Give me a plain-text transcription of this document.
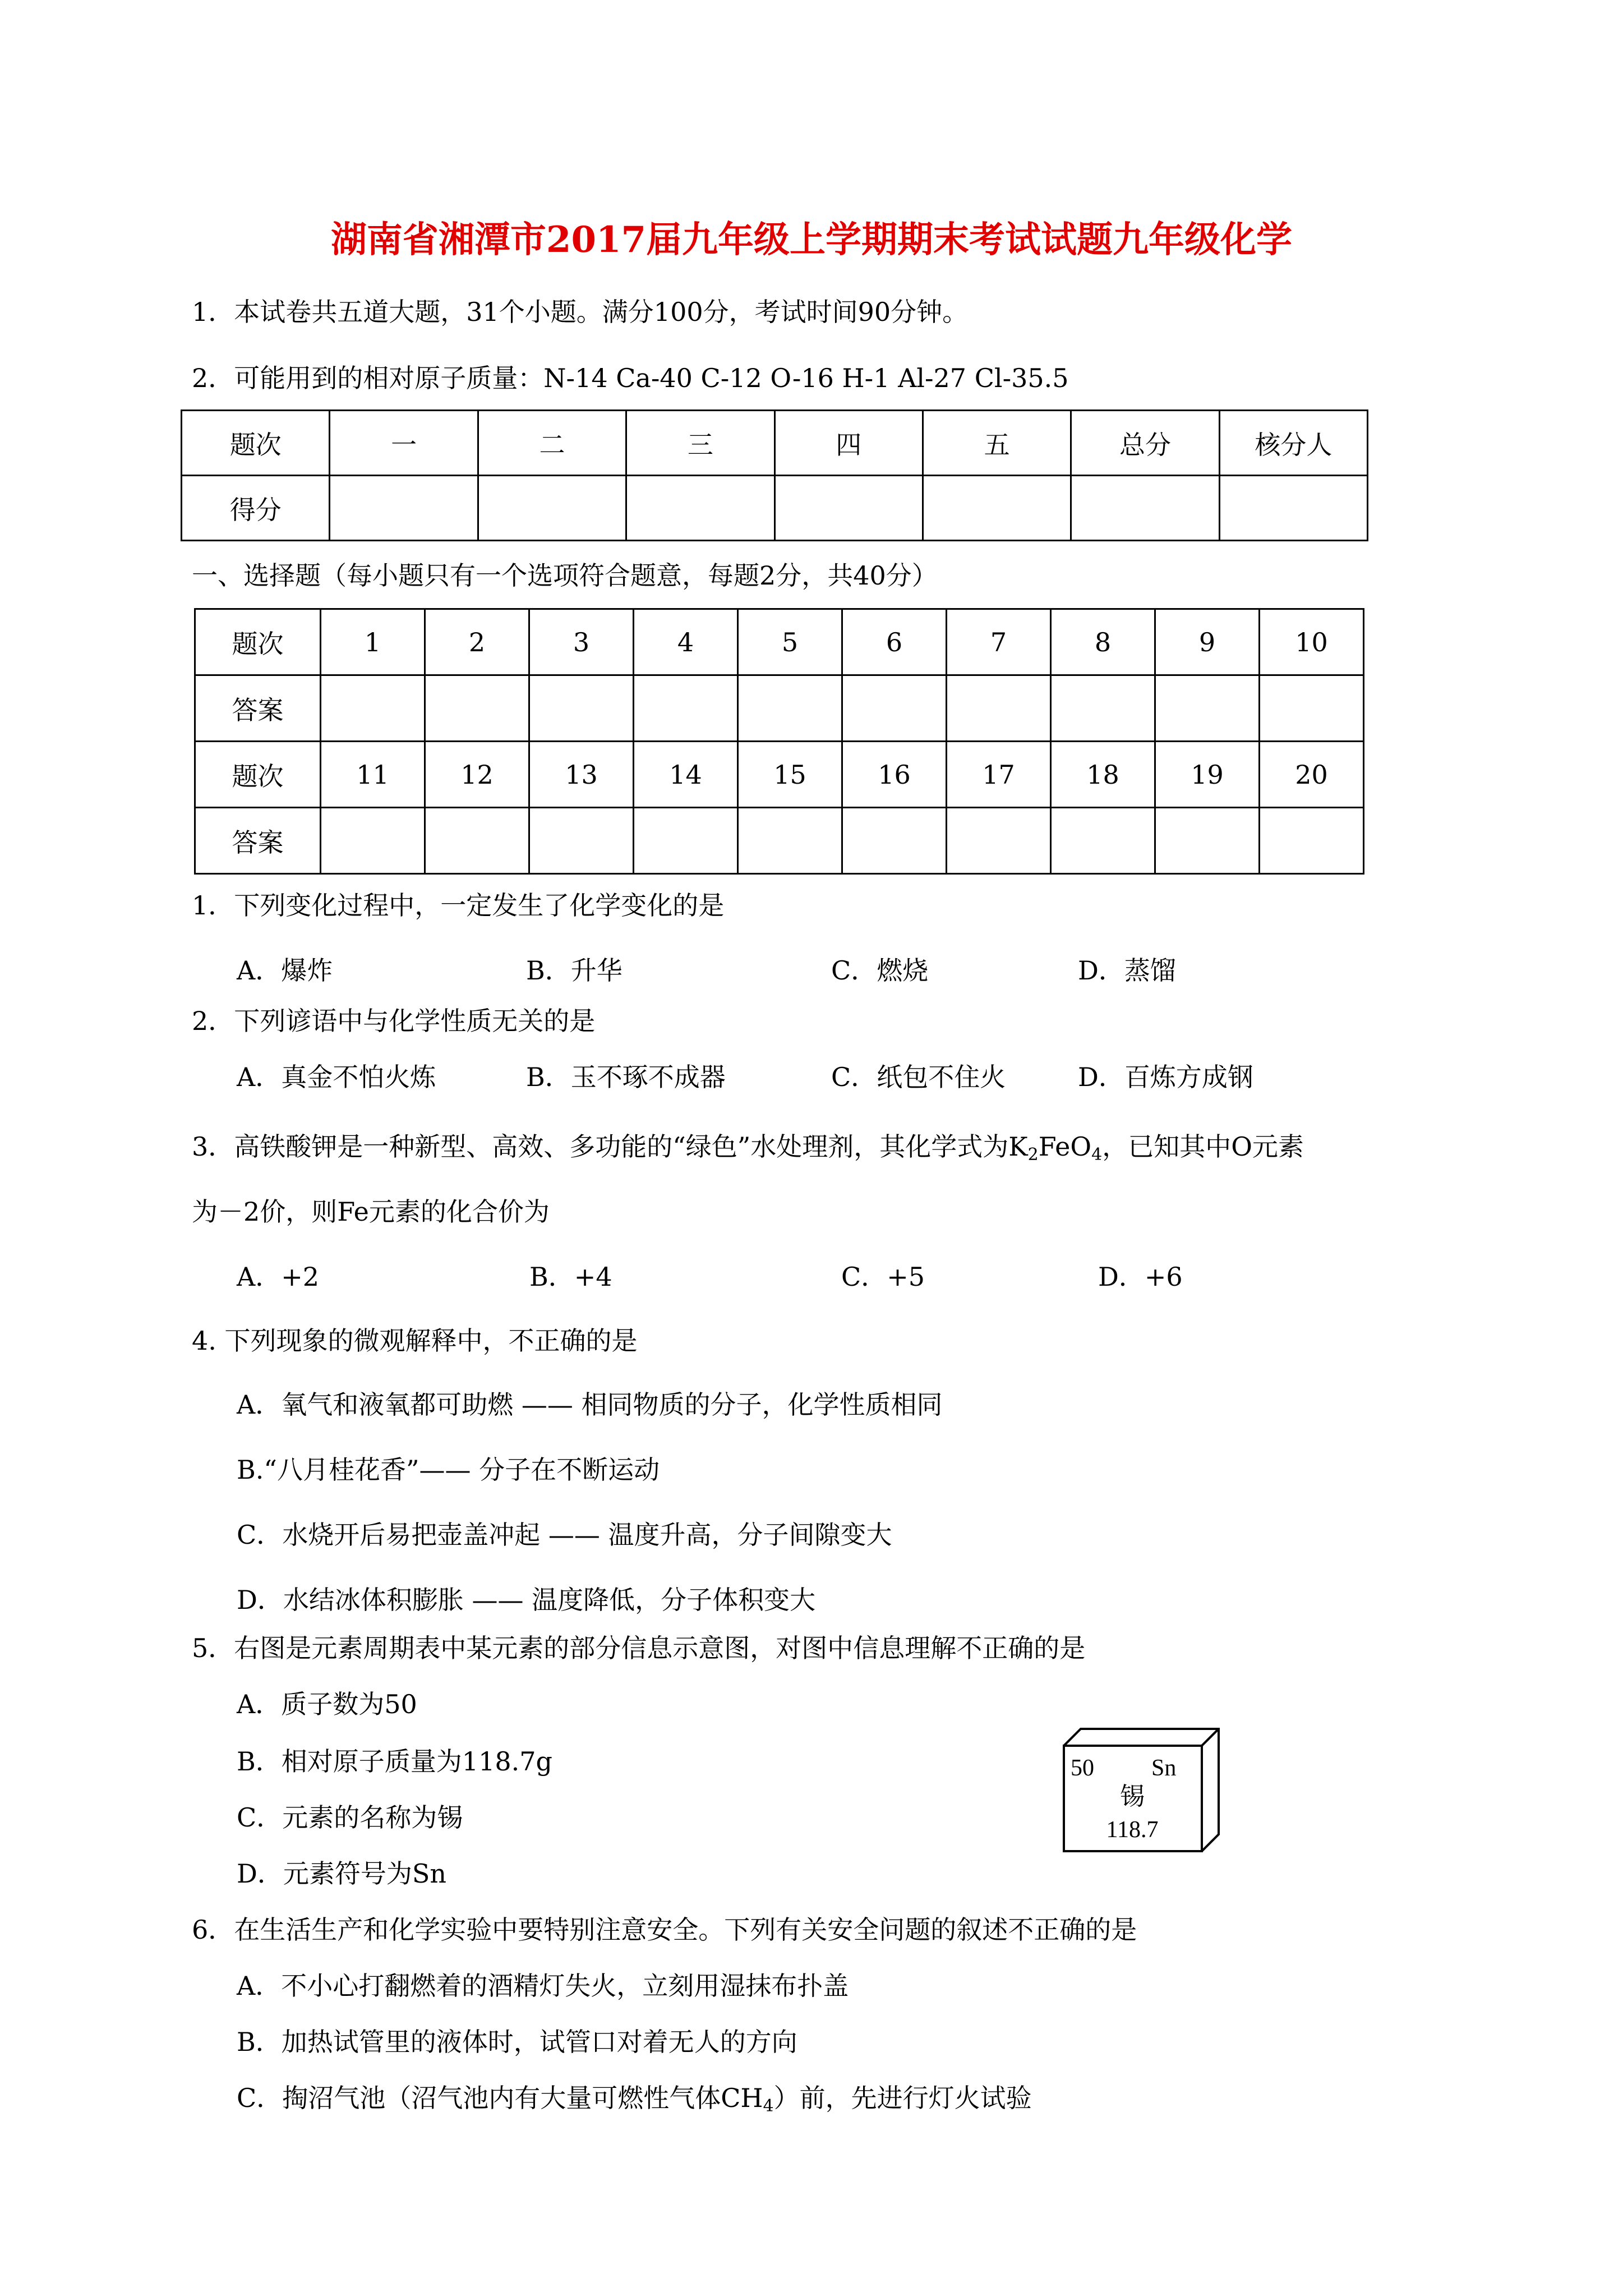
湖南省湘潭市2017届九年级上学期期末考试试题九年级化学
1．本试卷共五道大题，31个小题。满分100分，考试时间90分钟。
2．可能用到的相对原子质量：N-14 Ca-40 C-12 O-16 H-1 Al-27 Cl-35.5
题次	一	二	三	四	五	总分	核分人
得分							
一、选择题（每小题只有一个选项符合题意，每题2分，共40分）
题次	1	2	3	4	5	6	7	8	9	10
答案										
题次	11	12	13	14	15	16	17	18	19	20
答案										
1．下列变化过程中，一定发生了化学变化的是
A．爆炸	B．升华	C．燃烧	D．蒸馏
2．下列谚语中与化学性质无关的是
A．真金不怕火炼	B．玉不琢不成器	C．纸包不住火	D．百炼方成钢
3．高铁酸钾是一种新型、高效、多功能的“绿色”水处理剂，其化学式为$K_2FeO_4$，已知其中O元素
为－2价，则Fe元素的化合价为
A．+2	B．+4	C．+5	D．+6
4. 下列现象的微观解释中，不正确的是
A．氧气和液氧都可助燃 —— 相同物质的分子，化学性质相同
B.“八月桂花香”—— 分子在不断运动
C．水烧开后易把壶盖冲起 —— 温度升高，分子间隙变大
D．水结冰体积膨胀 —— 温度降低，分子体积变大
5．右图是元素周期表中某元素的部分信息示意图，对图中信息理解不正确的是
A．质子数为50
B．相对原子质量为118.7g
C．元素的名称为锡
D．元素符号为Sn
50 Sn
锡
118.7
6．在生活生产和化学实验中要特别注意安全。下列有关安全问题的叙述不正确的是
A．不小心打翻燃着的酒精灯失火，立刻用湿抹布扑盖
B．加热试管里的液体时，试管口对着无人的方向
C．掏沼气池（沼气池内有大量可燃性气体$CH_4$）前，先进行灯火试验
